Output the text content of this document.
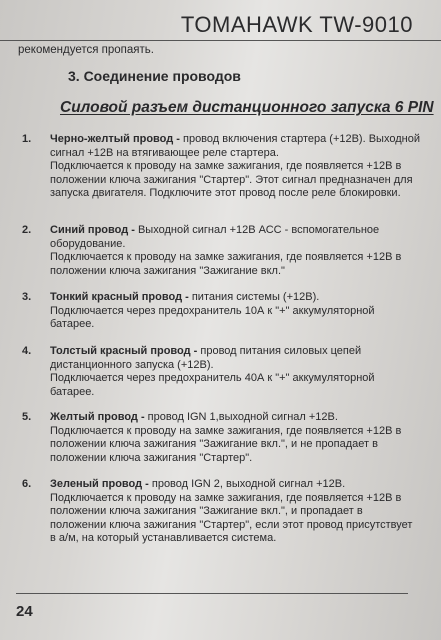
TOMAHAWK TW-9010
рекомендуется пропаять.
3. Соединение проводов
Силовой разъем дистанционного запуска 6 PIN
1. Черно-желтый провод - провод включения стартера (+12В). Выходной сигнал +12В на втягивающее реле стартера.

Подключается к проводу на замке зажигания, где появляется +12В в положении ключа зажигания "Стартер". Этот сигнал предназначен для запуска двигателя. Подключите этот провод после реле блокировки.

2. Синий провод - Выходной сигнал +12В АСС - вспомогательное оборудование.

Подключается к проводу на замке зажигания, где появляется +12В в положении ключа зажигания "Зажигание вкл."

3. Тонкий красный провод - питания системы (+12В).

Подключается через предохранитель 10А к "+" аккумуляторной батарее.

4. Толстый красный провод - провод питания силовых цепей дистанционного запуска (+12В).

Подключается через предохранитель 40А к "+" аккумуляторной батарее.

5. Желтый провод - провод IGN 1,выходной сигнал +12В.

Подключается к проводу на замке зажигания, где появляется +12В в положении ключа зажигания "Зажигание вкл.", и не пропадает в положении ключа зажигания "Стартер".

6. Зеленый провод - провод IGN 2, выходной сигнал +12В.

Подключается к проводу на замке зажигания, где появляется +12В в положении ключа зажигания "Зажигание вкл.", и пропадает в положении ключа зажигания "Стартер", если этот провод присутствует в а/м, на который устанавливается система.

24
